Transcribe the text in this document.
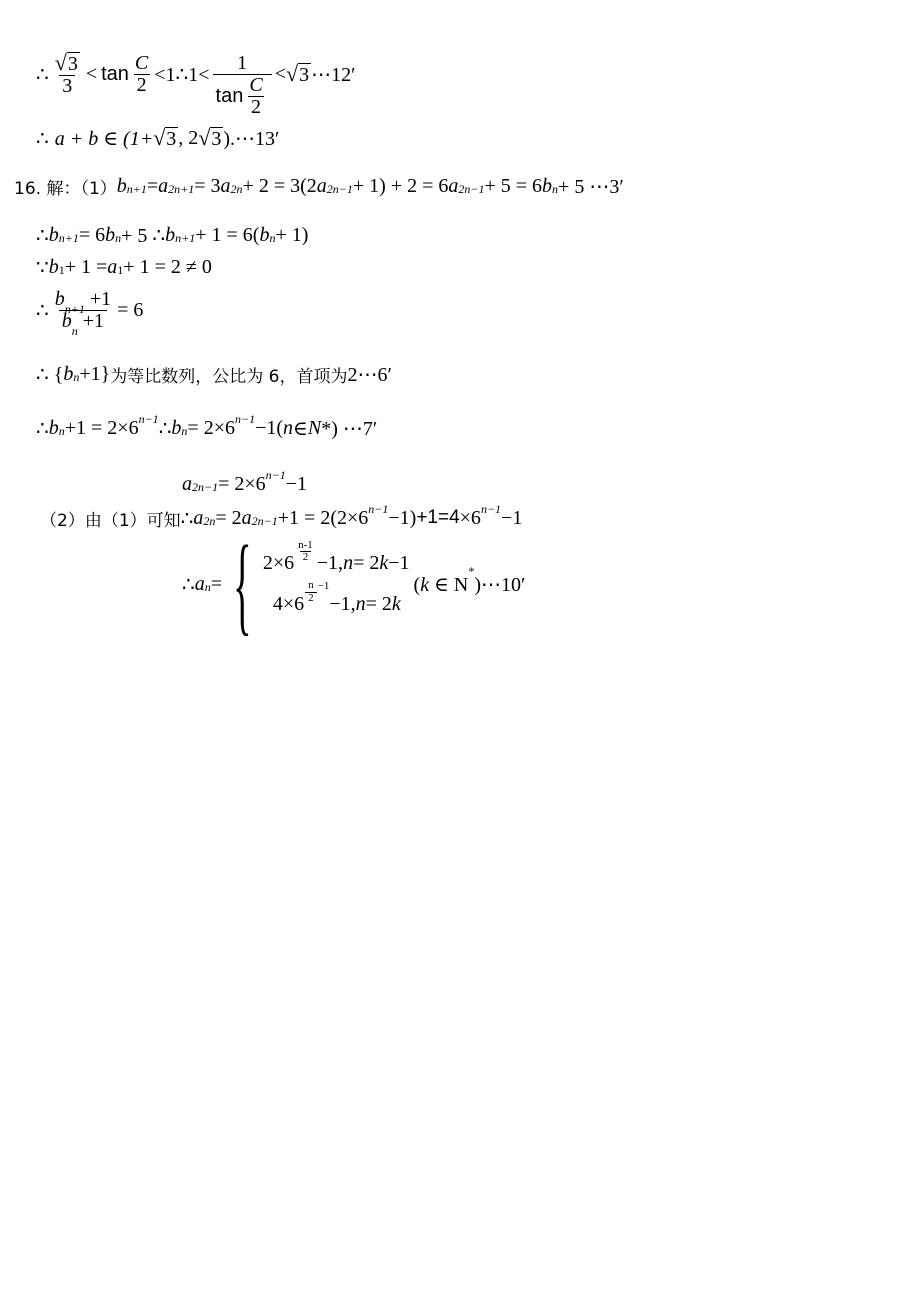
∴ $\frac{√ 3}{3} < \tan \frac{C}{2}$ <1∴1< $\frac{1}{\tan \frac{C}{2}}$ < √ 3 ⋯12′
∴ a + b ∈ (1+ √ 3 , 2 √ 3 ).⋯13′
16. 解：（1） $b_{n+1} = a_{2n+1} = 3$ $a_{2n} + 2 = 3(2$ $a_{2n-1} + 1) + 2 = 6$ $a_{2n-1} + 5 = 6$ $b_n + 5$ ⋯3′
∴ $b_{n+1} = 6$ $b_n + 5$ ∴ $b_{n+1} + 1 = 6$( $b_n + 1$)
∵ $b_1 + 1 = a_1 + 1 = 2 \ne 0$
∴ $\frac{b_{n+1} +1}{b_n +1} = 6$
∴ { $b_n +1$} 为等比数列，公比为 6，首项为 2⋯6′
∴ $b_n +1 = 2\times 6^{n-1}$ ∴ $b_n = 2\times 6^{n-1} -1$( n ∈ N *) ⋯7′
$a_{2n-1} = 2\times 6^{n-1} -1$
（2）由（1）可知 ∴ $a_{2n} = 2$ $a_{2n-1} +1 = 2(2\times 6^{n-1} -1) +1=4 \times 6^{n-1} -1$
∴ $a_n$ = { $2\times 6 \frac{n-1}{2} -1$, n = 2 k −1
$4\times 6 \frac{n}{2} -1$
−1, n = 2 k
(k ∈ N*)⋯10′
